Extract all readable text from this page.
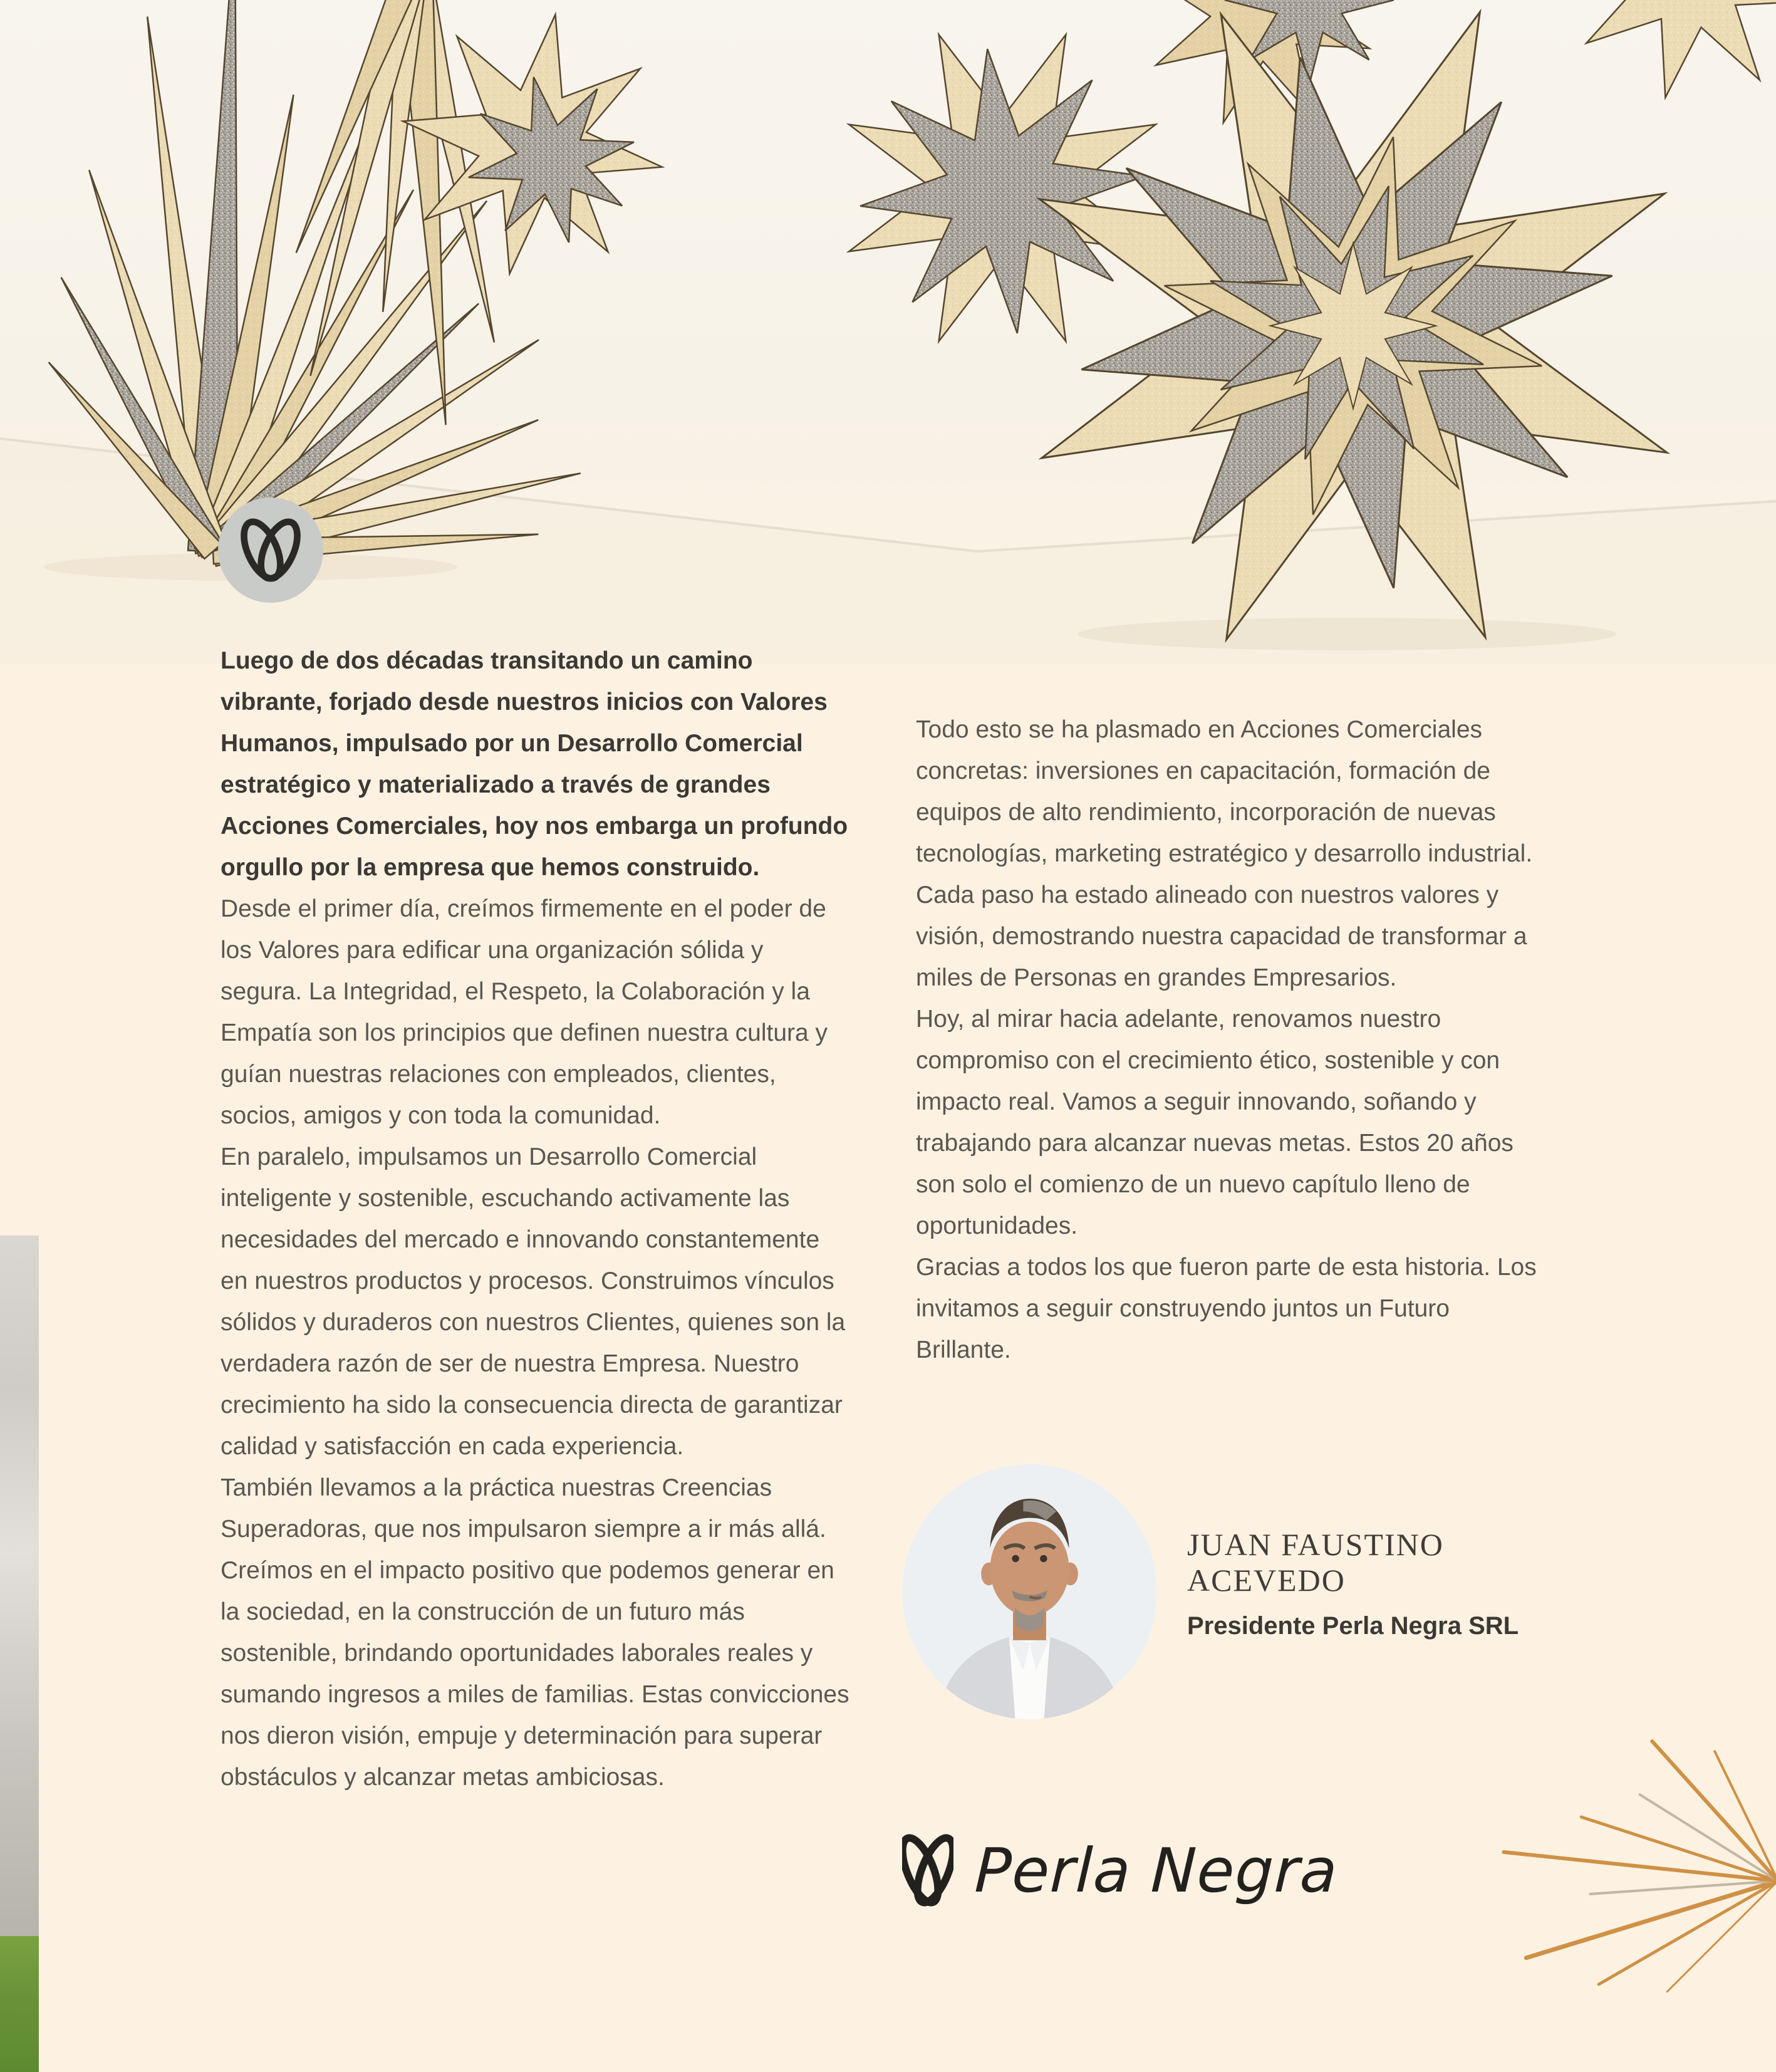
Luego de dos décadas transitando un camino vibrante, forjado desde nuestros inicios con Valores Humanos, impulsado por un Desarrollo Comercial estratégico y materializado a través de grandes Acciones Comerciales, hoy nos embarga un profundo orgullo por la empresa que hemos construido.

Desde el primer día, creímos firmemente en el poder de los Valores para edificar una organización sólida y segura. La Integridad, el Respeto, la Colaboración y la Empatía son los principios que definen nuestra cultura y guían nuestras relaciones con empleados, clientes, socios, amigos y con toda la comunidad.

En paralelo, impulsamos un Desarrollo Comercial inteligente y sostenible, escuchando activamente las necesidades del mercado e innovando constantemente en nuestros productos y procesos. Construimos vínculos sólidos y duraderos con nuestros Clientes, quienes son la verdadera razón de ser de nuestra Empresa. Nuestro crecimiento ha sido la consecuencia directa de garantizar calidad y satisfacción en cada experiencia.

También llevamos a la práctica nuestras Creencias Superadoras, que nos impulsaron siempre a ir más allá. Creímos en el impacto positivo que podemos generar en la sociedad, en la construcción de un futuro más sostenible, brindando oportunidades laborales reales y sumando ingresos a miles de familias. Estas convicciones nos dieron visión, empuje y determinación para superar obstáculos y alcanzar metas ambiciosas.

Todo esto se ha plasmado en Acciones Comerciales concretas: inversiones en capacitación, formación de equipos de alto rendimiento, incorporación de nuevas tecnologías, marketing estratégico y desarrollo industrial. Cada paso ha estado alineado con nuestros valores y visión, demostrando nuestra capacidad de transformar a miles de Personas en grandes Empresarios.

Hoy, al mirar hacia adelante, renovamos nuestro compromiso con el crecimiento ético, sostenible y con impacto real. Vamos a seguir innovando, soñando y trabajando para alcanzar nuevas metas. Estos 20 años son solo el comienzo de un nuevo capítulo lleno de oportunidades.

Gracias a todos los que fueron parte de esta historia. Los invitamos a seguir construyendo juntos un Futuro Brillante.

JUAN FAUSTINO
ACEVEDO
Presidente Perla Negra SRL
Perla Negra
